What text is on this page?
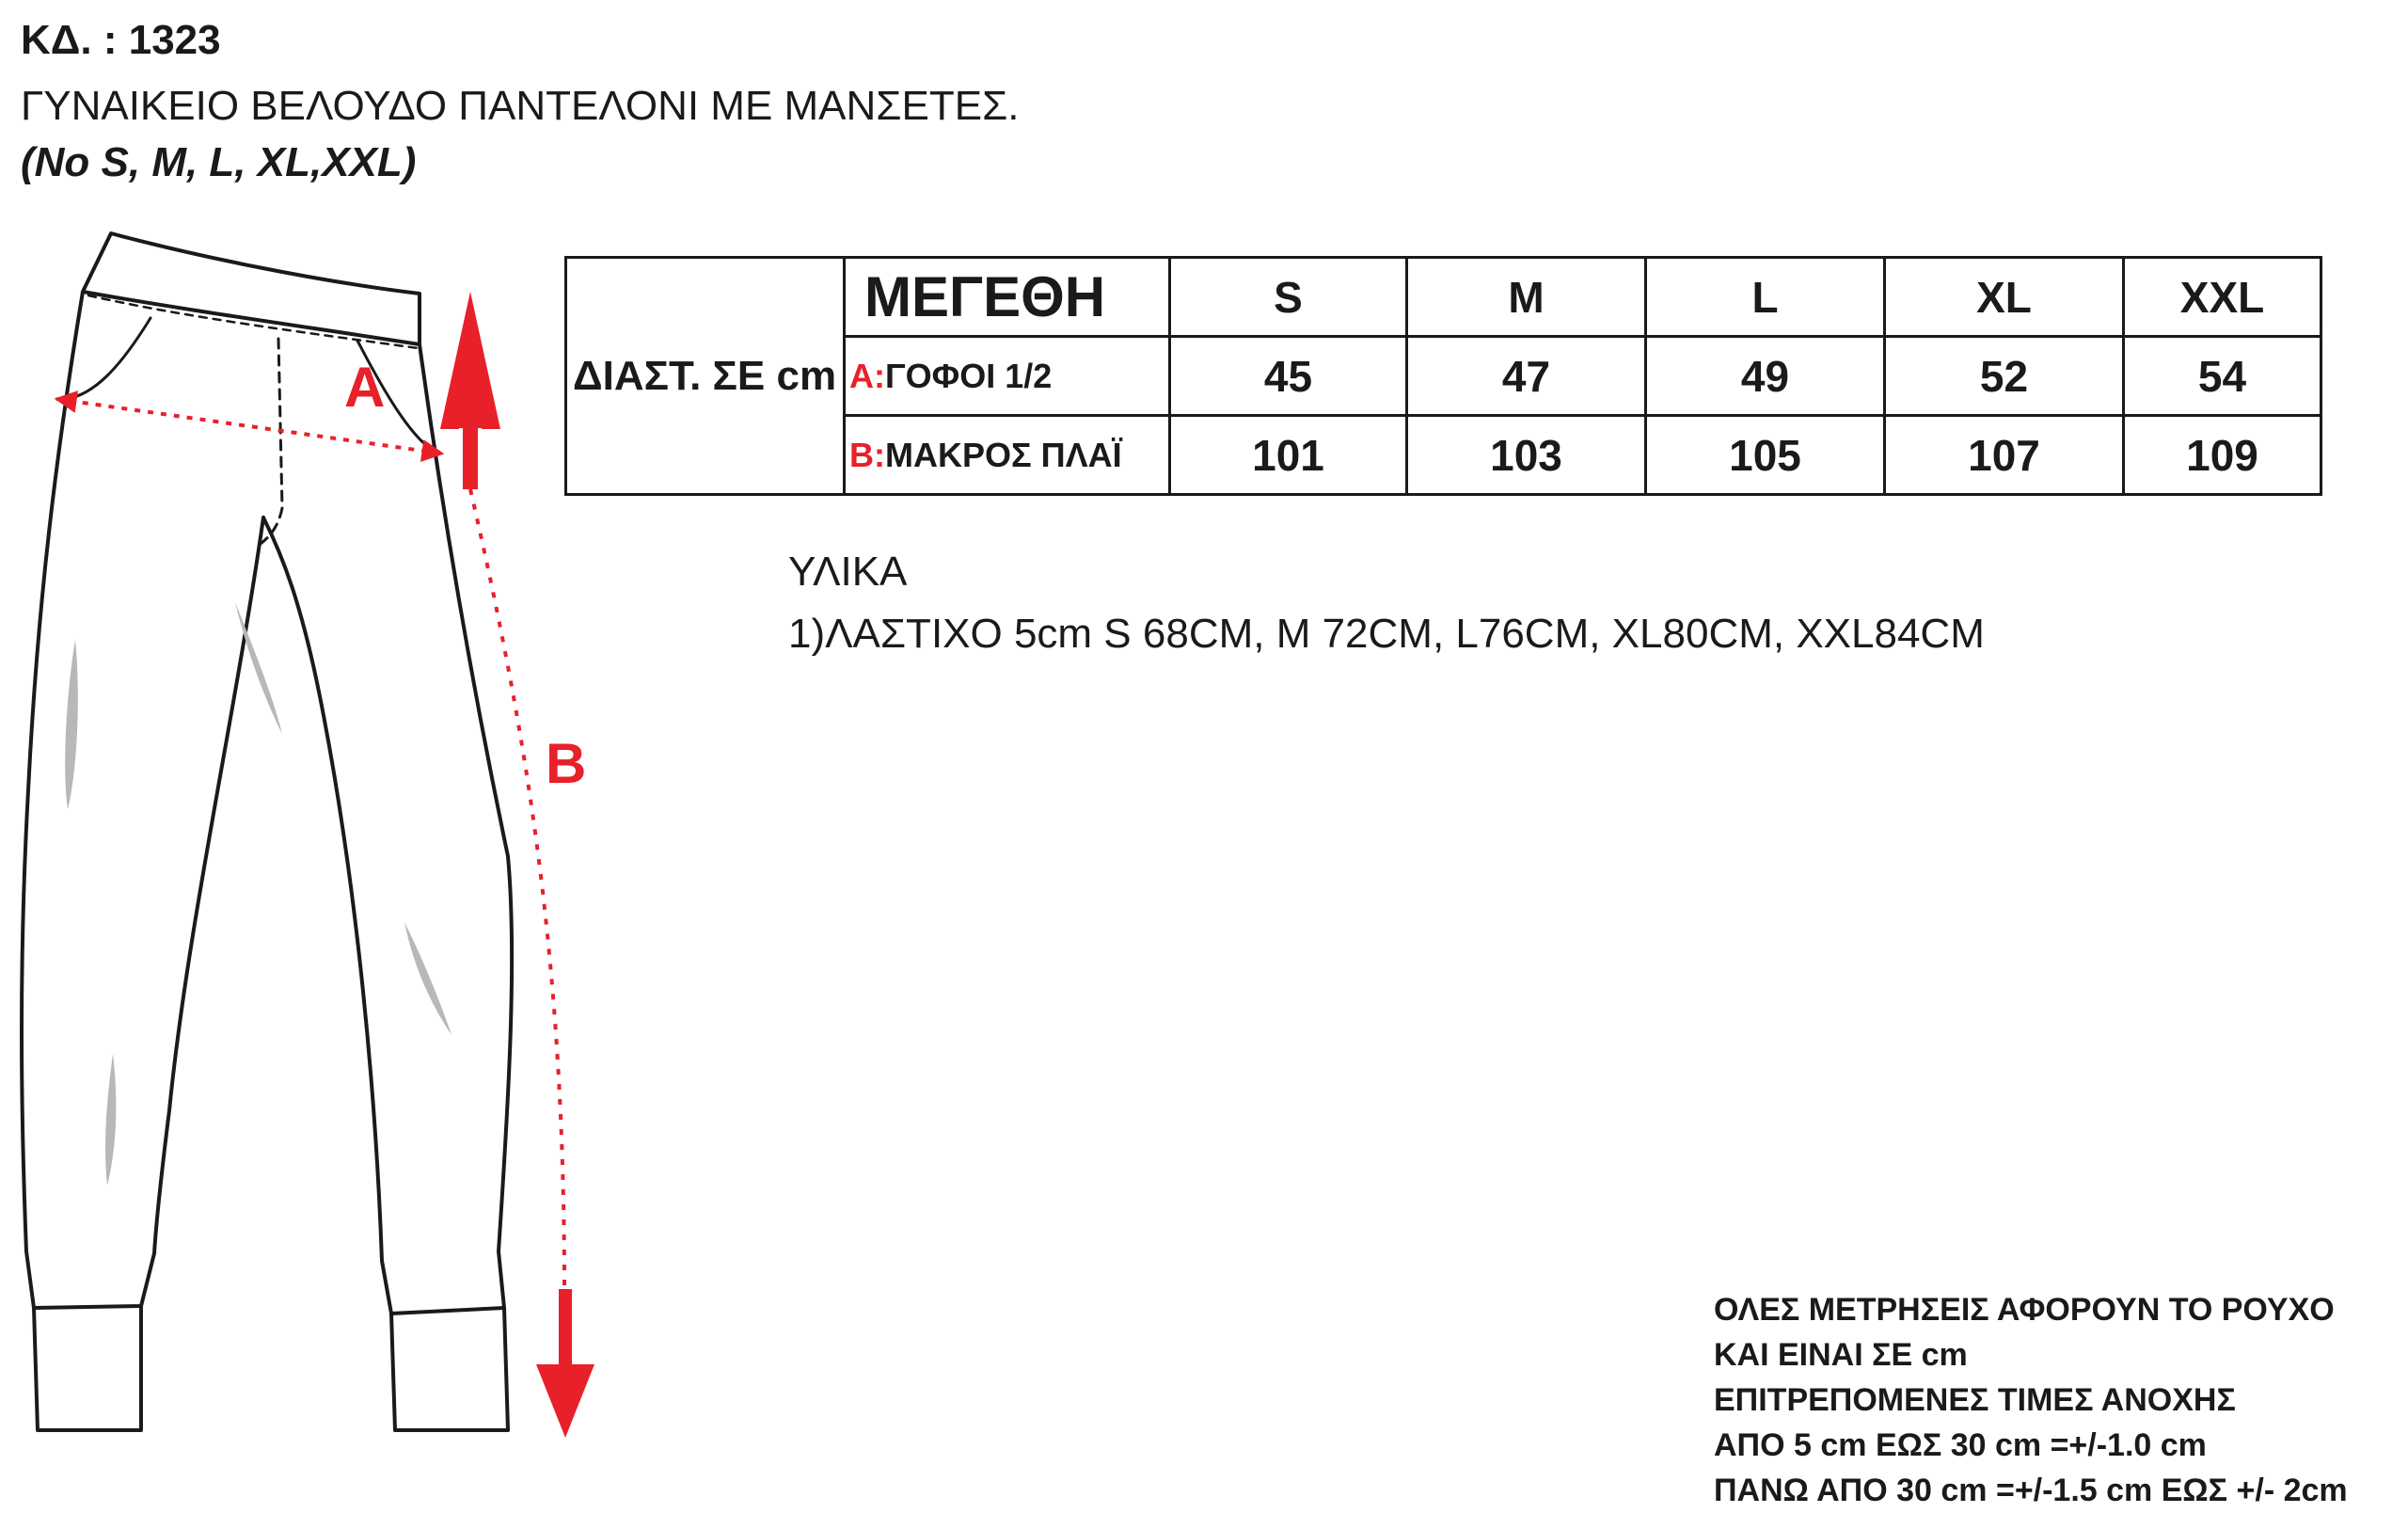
ΚΔ. : 1323
ΓΥΝΑΙΚΕΙΟ ΒΕΛΟΥΔΟ ΠΑΝΤΕΛΟΝΙ ΜΕ ΜΑΝΣΕΤΕΣ.
(No S, M, L, XL,XXL)
A
B
ΔΙΑΣΤ. ΣΕ cm	ΜΕΓΕΘΗ	S	M	L	XL	XXL
	A:ΓΟΦΟΙ 1/2	45	47	49	52	54
	B:ΜΑΚΡΟΣ ΠΛΑΪ	101	103	105	107	109
ΥΛΙΚΑ
1)ΛΑΣΤΙΧΟ 5cm S 68CM, M 72CM, L76CM, XL80CM, XXL84CM
ΟΛΕΣ ΜΕΤΡΗΣΕΙΣ ΑΦΟΡΟΥΝ ΤΟ ΡΟΥΧΟ
ΚΑΙ ΕΙΝΑΙ ΣΕ cm
ΕΠΙΤΡΕΠΟΜΕΝΕΣ ΤΙΜΕΣ ΑΝΟΧΗΣ
ΑΠΟ 5 cm ΕΩΣ 30 cm =+/-1.0 cm
ΠΑΝΩ ΑΠΟ 30 cm =+/-1.5 cm ΕΩΣ +/- 2cm
